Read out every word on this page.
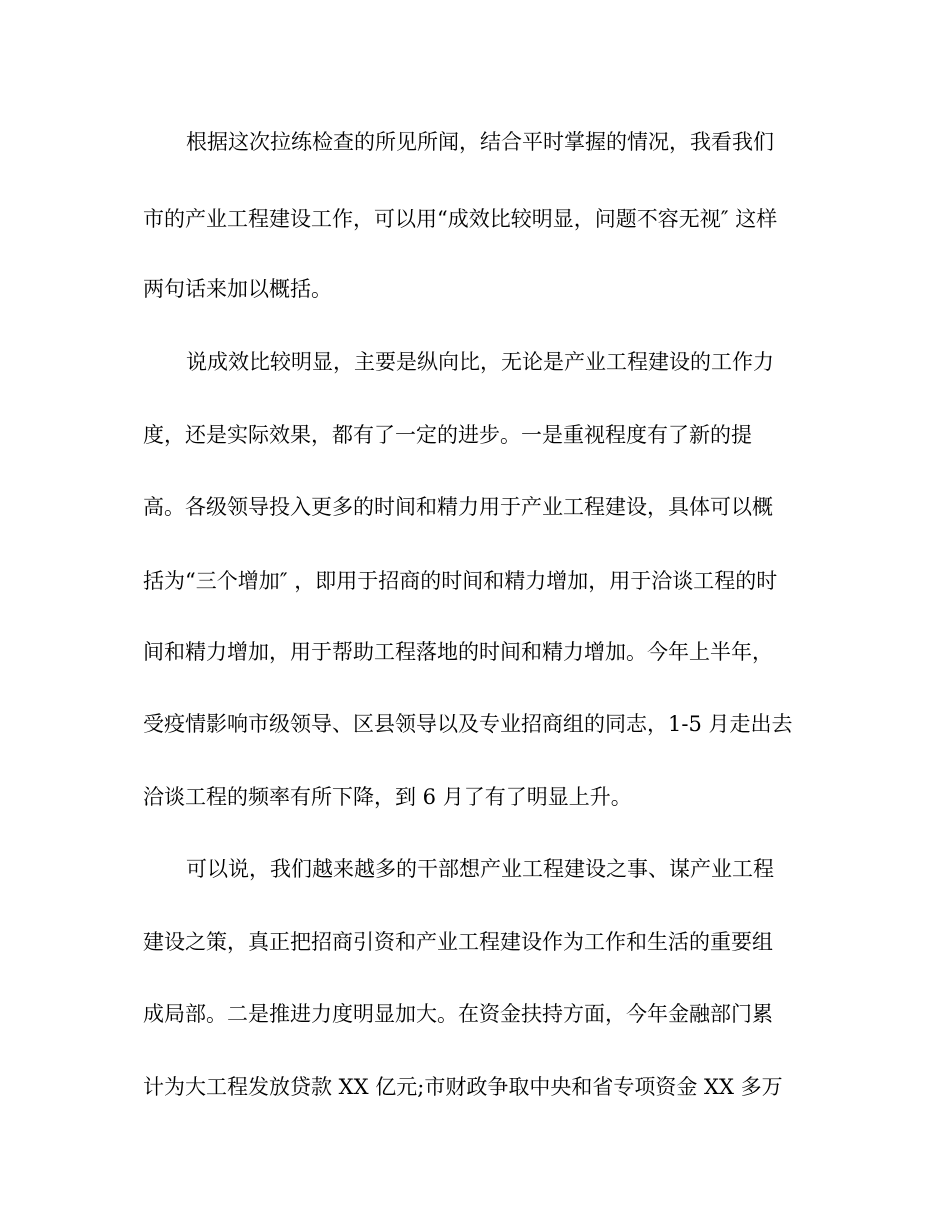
根据这次拉练检查的所见所闻，结合平时掌握的情况，我看我们
市的产业工程建设工作，可以用“成效比较明显，问题不容无视″ 这样
两句话来加以概括。
说成效比较明显，主要是纵向比，无论是产业工程建设的工作力
度，还是实际效果，都有了一定的进步。一是重视程度有了新的提
高。各级领导投入更多的时间和精力用于产业工程建设，具体可以概
括为“三个增加″ ，即用于招商的时间和精力增加，用于洽谈工程的时
间和精力增加，用于帮助工程落地的时间和精力增加。今年上半年，
受疫情影响市级领导、区县领导以及专业招商组的同志，1-5 月走出去
洽谈工程的频率有所下降，到 6 月了有了明显上升。
可以说，我们越来越多的干部想产业工程建设之事、谋产业工程
建设之策，真正把招商引资和产业工程建设作为工作和生活的重要组
成局部。二是推进力度明显加大。在资金扶持方面，今年金融部门累
计为大工程发放贷款 XX 亿元;市财政争取中央和省专项资金 XX 多万
